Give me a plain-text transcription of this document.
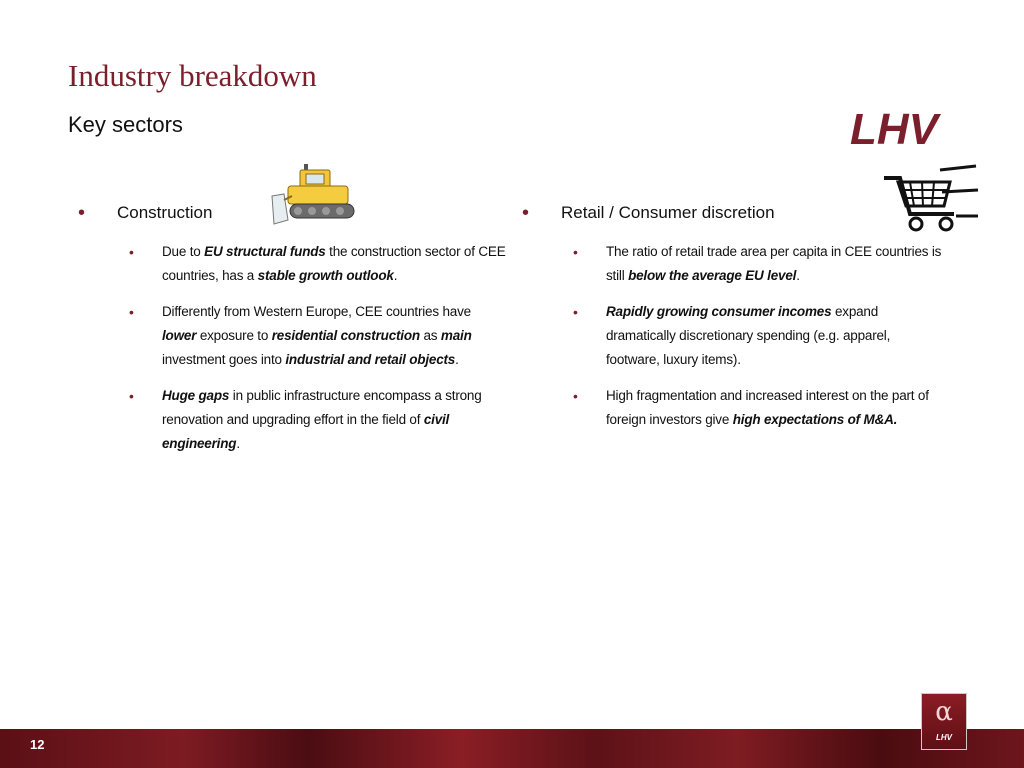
Industry breakdown
Key sectors	LHV
• Construction
• Due to EU structural funds the construction sector of CEE countries, has a stable growth outlook.
• Differently from Western Europe, CEE countries have lower exposure to residential construction as main investment goes into industrial and retail objects.
• Huge gaps in public infrastructure encompass a strong renovation and upgrading effort in the field of civil engineering.
• Retail / Consumer discretion
• The ratio of retail trade area per capita in CEE countries is still below the average EU level.
• Rapidly growing consumer incomes expand dramatically discretionary spending (e.g. apparel, footware, luxury items).
• High fragmentation and increased interest on the part of foreign investors give high expectations of M&A.
12
α
LHV
